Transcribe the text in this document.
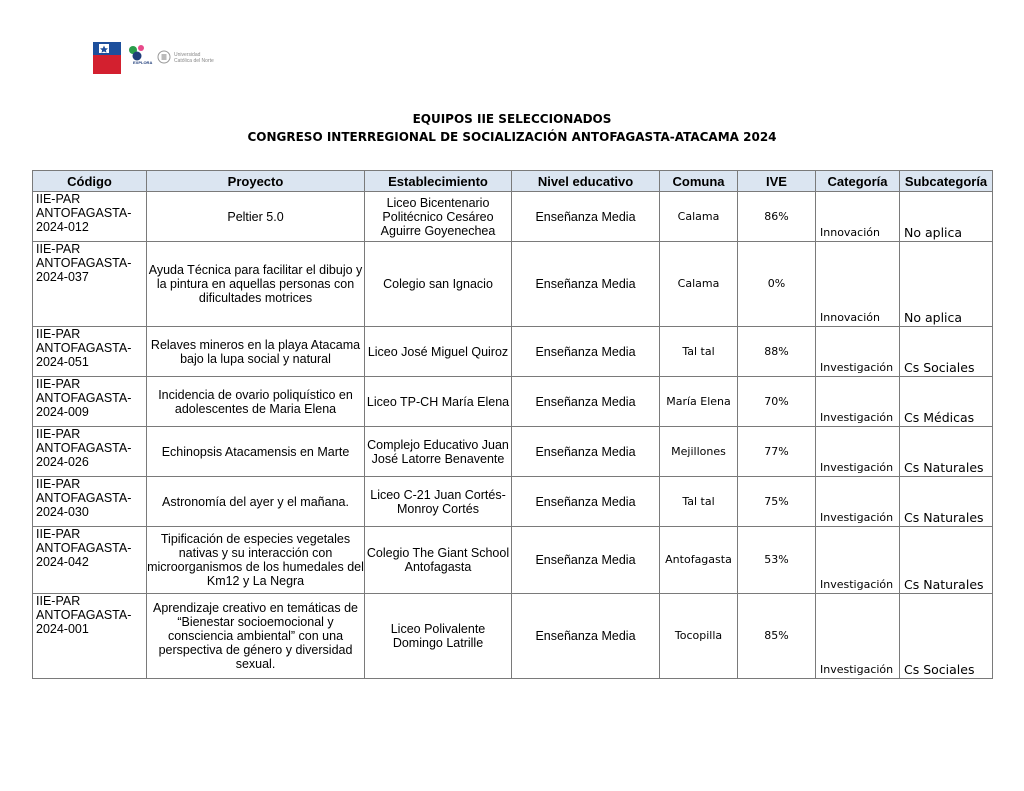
EXPLORA
Universidad
Católica del Norte
EQUIPOS IIE SELECCIONADOS
CONGRESO INTERREGIONAL DE SOCIALIZACIÓN ANTOFAGASTA-ATACAMA 2024
Código	Proyecto	Establecimiento	Nivel educativo	Comuna	IVE	Categoría	Subcategoría
IIE-PAR ANTOFAGASTA-2024-012	Peltier 5.0	Liceo Bicentenario Politécnico Cesáreo Aguirre Goyenechea	Enseñanza Media	Calama	86%	Innovación	No aplica
IIE-PAR ANTOFAGASTA-2024-037	Ayuda Técnica para facilitar el dibujo y la pintura en aquellas personas con dificultades motrices	Colegio san Ignacio	Enseñanza Media	Calama	0%	Innovación	No aplica
IIE-PAR ANTOFAGASTA-2024-051	Relaves mineros en la playa Atacama bajo la lupa social y natural	Liceo José Miguel Quiroz	Enseñanza Media	Tal tal	88%	Investigación	Cs Sociales
IIE-PAR ANTOFAGASTA-2024-009	Incidencia de ovario poliquístico en adolescentes de Maria Elena	Liceo TP-CH María Elena	Enseñanza Media	María Elena	70%	Investigación	Cs Médicas
IIE-PAR ANTOFAGASTA-2024-026	Echinopsis Atacamensis en Marte	Complejo Educativo Juan José Latorre Benavente	Enseñanza Media	Mejillones	77%	Investigación	Cs Naturales
IIE-PAR ANTOFAGASTA-2024-030	Astronomía del ayer y el mañana.	Liceo C-21 Juan Cortés-Monroy Cortés	Enseñanza Media	Tal tal	75%	Investigación	Cs Naturales
IIE-PAR ANTOFAGASTA-2024-042	Tipificación de especies vegetales nativas y su interacción con microorganismos de los humedales del Km12 y La Negra	Colegio The Giant School Antofagasta	Enseñanza Media	Antofagasta	53%	Investigación	Cs Naturales
IIE-PAR ANTOFAGASTA-2024-001	Aprendizaje creativo en temáticas de “Bienestar socioemocional y consciencia ambiental” con una perspectiva de género y diversidad sexual.	Liceo Polivalente Domingo Latrille	Enseñanza Media	Tocopilla	85%	Investigación	Cs Sociales
